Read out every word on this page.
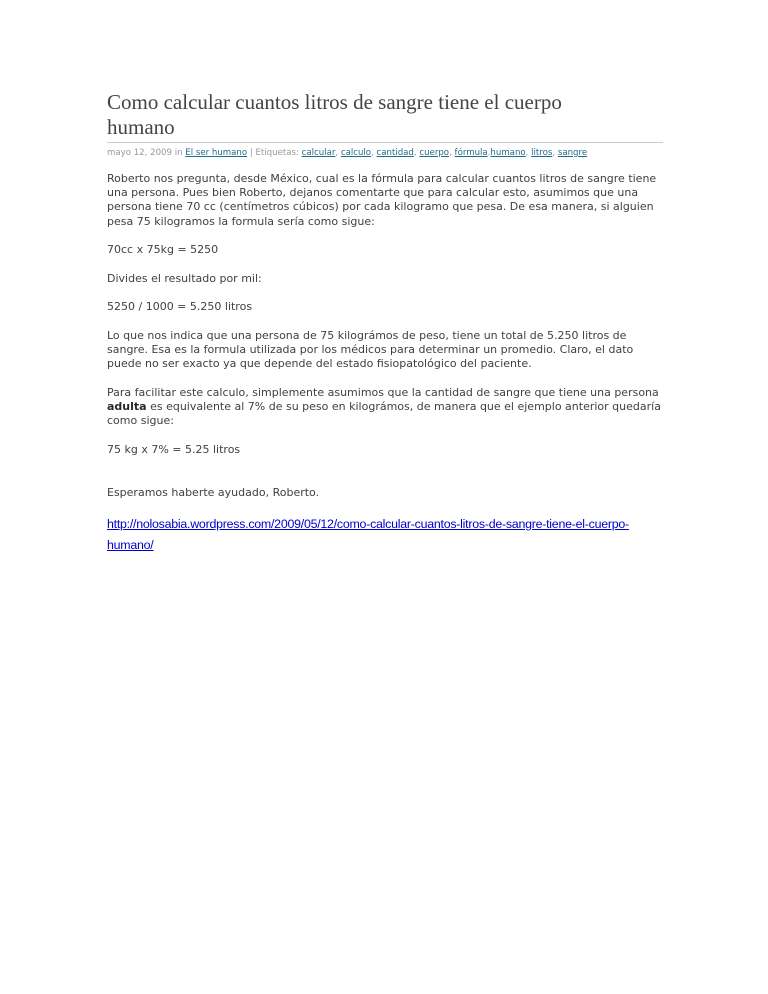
Como calcular cuantos litros de sangre tiene el cuerpo humano
mayo 12, 2009 in El ser humano | Etiquetas: calcular, calculo, cantidad, cuerpo, fórmula,humano, litros, sangre

Roberto nos pregunta, desde México, cual es la fórmula para calcular cuantos litros de sangre tiene una persona. Pues bien Roberto, dejanos comentarte que para calcular esto, asumimos que una persona tiene 70 cc (centímetros cúbicos) por cada kilogramo que pesa. De esa manera, si alguien pesa 75 kilogramos la formula sería como sigue:

70cc x 75kg = 5250

Divides el resultado por mil:

5250 / 1000 = 5.250 litros

Lo que nos indica que una persona de 75 kilográmos de peso, tiene un total de 5.250 litros de sangre. Esa es la formula utilizada por los médicos para determinar un promedio. Claro, el dato puede no ser exacto ya que depende del estado fisiopatológico del paciente.

Para facilitar este calculo, simplemente asumimos que la cantidad de sangre que tiene una persona adulta es equivalente al 7% de su peso en kilográmos, de manera que el ejemplo anterior quedaría como sigue:

75 kg x 7% = 5.25 litros

Esperamos haberte ayudado, Roberto.

http://nolosabia.wordpress.com/2009/05/12/como-calcular-cuantos-litros-de-sangre-tiene-el-cuerpo-humano/
